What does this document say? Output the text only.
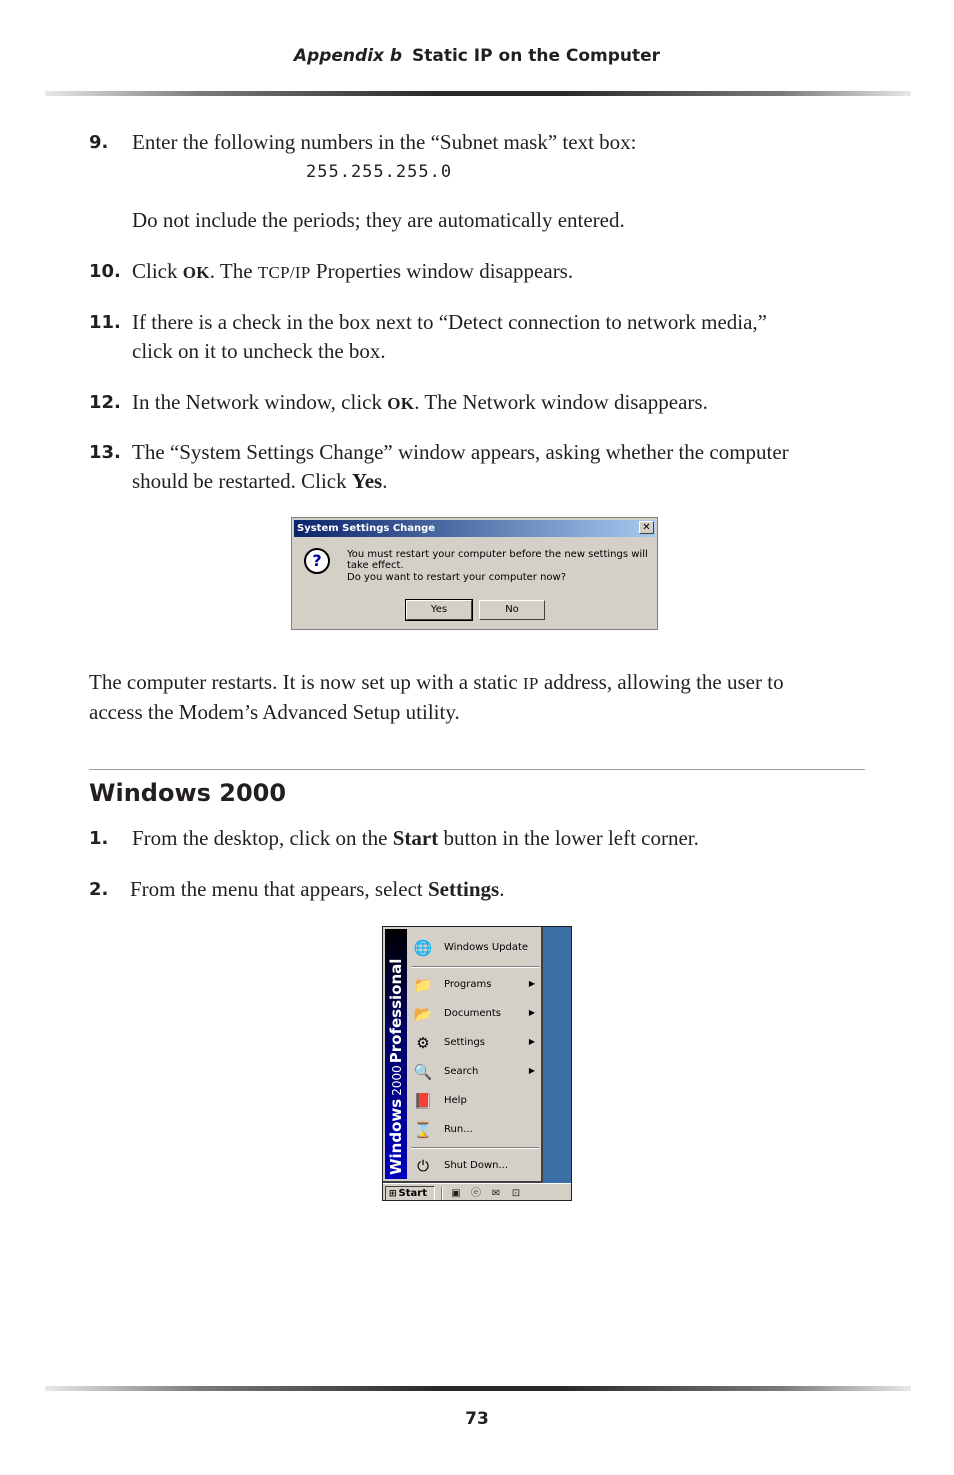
Appendix b Static IP on the Computer
9. Enter the following numbers in the “Subnet mask” text box:
255.255.255.0
Do not include the periods; they are automatically entered.
10. Click OK. The TCP/IP Properties window disappears.
11. If there is a check in the box next to “Detect connection to network media,”
click on it to uncheck the box.
12. In the Network window, click OK. The Network window disappears.
13. The “System Settings Change” window appears, asking whether the computer
should be restarted. Click Yes.
System Settings Change	✕
?	You must restart your computer before the new settings will take effect.
Do you want to restart your computer now?
Yes	No
The computer restarts. It is now set up with a static IP address, allowing the user to
access the Modem’s Advanced Setup utility.
Windows 2000
1. From the desktop, click on the Start button in the lower left corner.
2. From the menu that appears, select Settings.
Windows2000Professional
🌐 Windows Update
📁 Programs	▶
📂 Documents	▶
⚙	Settings	▶
🔍 Search	▶
📕 Help
⌛ Run...
⏻	Shut Down...
⊞ Start	▣ ⓔ ✉ ⊡
73
